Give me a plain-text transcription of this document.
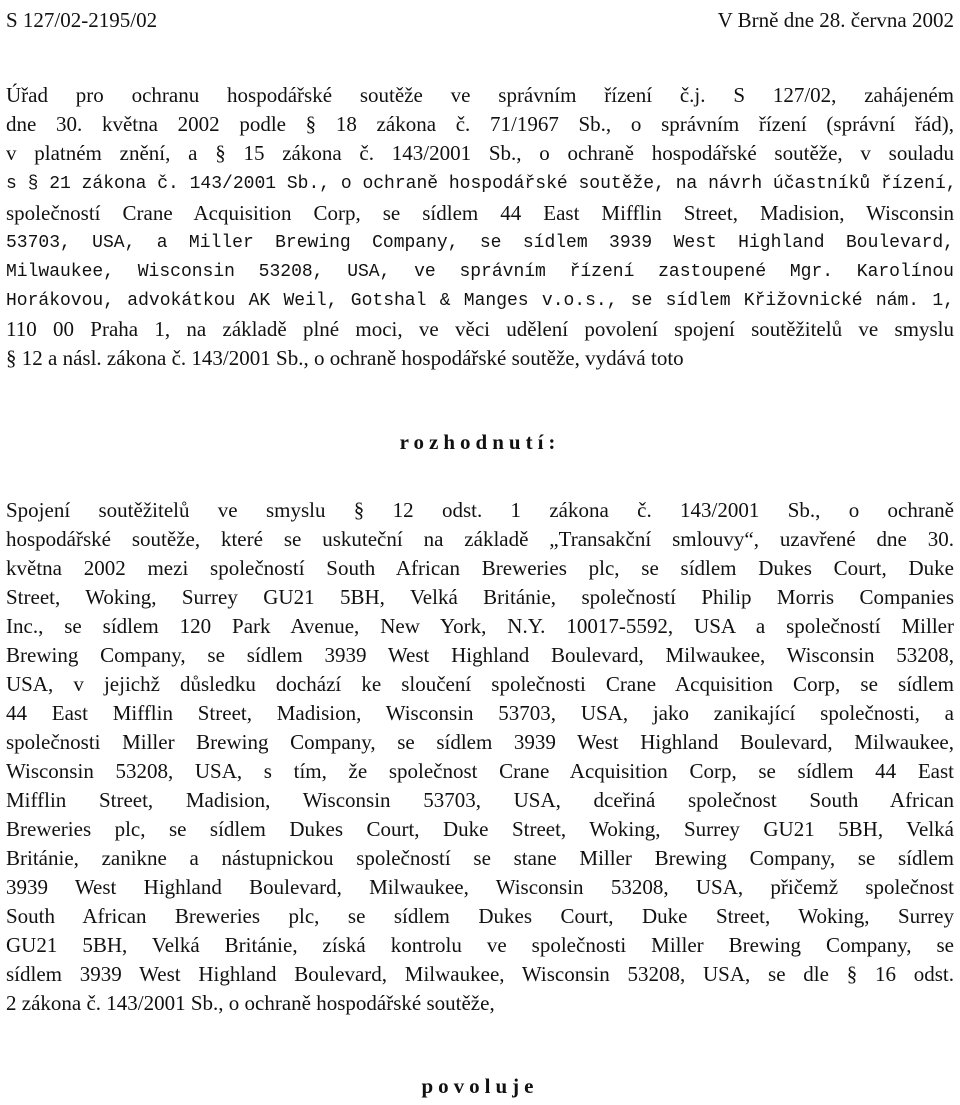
S 127/02-2195/02	V Brně dne 28. června 2002
Úřad pro ochranu hospodářské soutěže ve správním řízení č.j. S 127/02, zahájeném
dne 30. května 2002 podle § 18 zákona č. 71/1967 Sb., o správním řízení (správní řád),
v platném znění, a § 15 zákona č. 143/2001 Sb., o ochraně hospodářské soutěže, v souladu
s § 21 zákona č. 143/2001 Sb., o ochraně hospodářské soutěže, na návrh účastníků řízení,
společností Crane Acquisition Corp, se sídlem 44 East Mifflin Street, Madision, Wisconsin
53703, USA, a Miller Brewing Company, se sídlem 3939 West Highland Boulevard,
Milwaukee, Wisconsin 53208, USA, ve správním řízení zastoupené Mgr. Karolínou
Horákovou, advokátkou AK Weil, Gotshal & Manges v.o.s., se sídlem Křižovnické nám. 1,
110 00 Praha 1, na základě plné moci, ve věci udělení povolení spojení soutěžitelů ve smyslu
§ 12 a násl. zákona č. 143/2001 Sb., o ochraně hospodářské soutěže, vydává toto
rozhodnutí:
Spojení soutěžitelů ve smyslu § 12 odst. 1 zákona č. 143/2001 Sb., o ochraně
hospodářské soutěže, které se uskuteční na základě „Transakční smlouvy“, uzavřené dne 30.
května 2002 mezi společností South African Breweries plc, se sídlem Dukes Court, Duke
Street, Woking, Surrey GU21 5BH, Velká Británie, společností Philip Morris Companies
Inc., se sídlem 120 Park Avenue, New York, N.Y. 10017-5592, USA a společností Miller
Brewing Company, se sídlem 3939 West Highland Boulevard, Milwaukee, Wisconsin 53208,
USA, v jejichž důsledku dochází ke sloučení společnosti Crane Acquisition Corp, se sídlem
44 East Mifflin Street, Madision, Wisconsin 53703, USA, jako zanikající společnosti, a
společnosti Miller Brewing Company, se sídlem 3939 West Highland Boulevard, Milwaukee,
Wisconsin 53208, USA, s tím, že společnost Crane Acquisition Corp, se sídlem 44 East
Mifflin Street, Madision, Wisconsin 53703, USA, dceřiná společnost South African
Breweries plc, se sídlem Dukes Court, Duke Street, Woking, Surrey GU21 5BH, Velká
Británie, zanikne a nástupnickou společností se stane Miller Brewing Company, se sídlem
3939 West Highland Boulevard, Milwaukee, Wisconsin 53208, USA, přičemž společnost
South African Breweries plc, se sídlem Dukes Court, Duke Street, Woking, Surrey
GU21 5BH, Velká Británie, získá kontrolu ve společnosti Miller Brewing Company, se
sídlem 3939 West Highland Boulevard, Milwaukee, Wisconsin 53208, USA, se dle § 16 odst.
2 zákona č. 143/2001 Sb., o ochraně hospodářské soutěže,
povoluje
